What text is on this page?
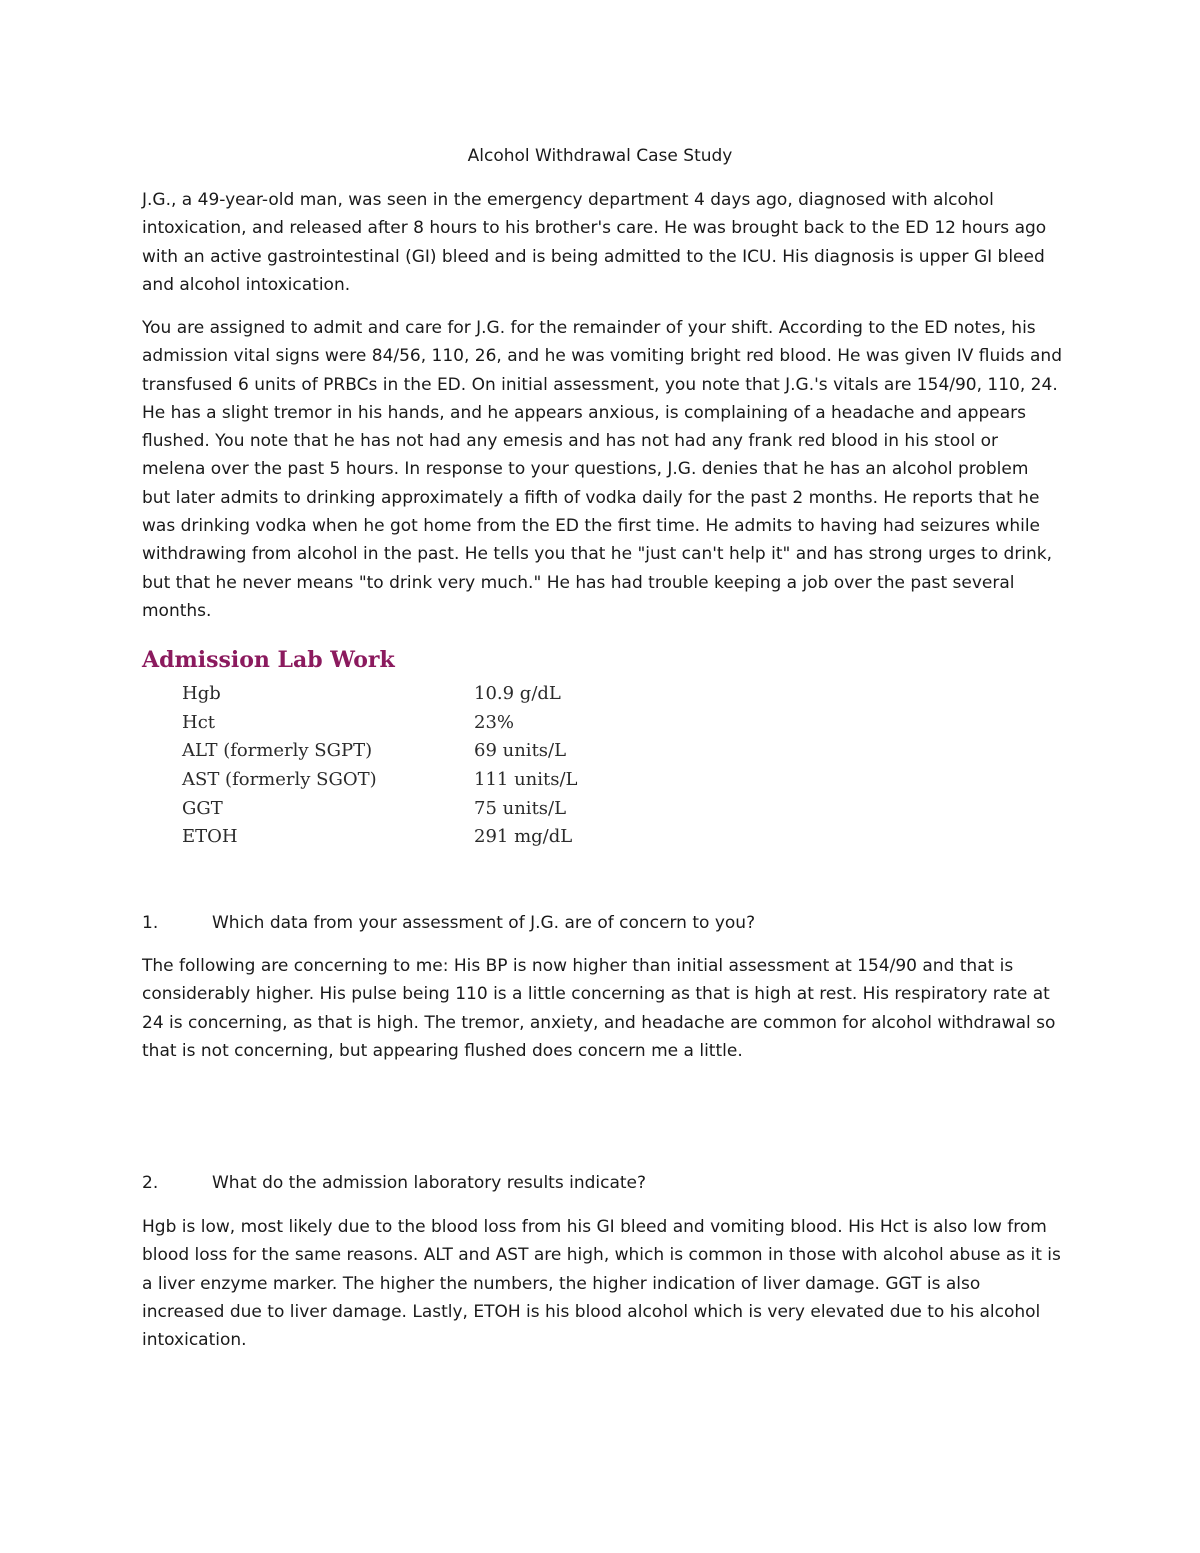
Alcohol Withdrawal Case Study

J.G., a 49-year-old man, was seen in the emergency department 4 days ago, diagnosed with alcohol intoxication, and released after 8 hours to his brother's care. He was brought back to the ED 12 hours ago with an active gastrointestinal (GI) bleed and is being admitted to the ICU. His diagnosis is upper GI bleed and alcohol intoxication.

You are assigned to admit and care for J.G. for the remainder of your shift. According to the ED notes, his admission vital signs were 84/56, 110, 26, and he was vomiting bright red blood. He was given IV fluids and transfused 6 units of PRBCs in the ED. On initial assessment, you note that J.G.'s vitals are 154/90, 110, 24. He has a slight tremor in his hands, and he appears anxious, is complaining of a headache and appears flushed. You note that he has not had any emesis and has not had any frank red blood in his stool or melena over the past 5 hours. In response to your questions, J.G. denies that he has an alcohol problem but later admits to drinking approximately a fifth of vodka daily for the past 2 months. He reports that he was drinking vodka when he got home from the ED the first time. He admits to having had seizures while withdrawing from alcohol in the past. He tells you that he "just can't help it" and has strong urges to drink, but that he never means "to drink very much." He has had trouble keeping a job over the past several months.

Admission Lab Work
Hgb	10.9 g/dL
Hct	23%
ALT (formerly SGPT)	69 units/L
AST (formerly SGOT)	111 units/L
GGT	75 units/L
ETOH	291 mg/dL
1.	Which data from your assessment of J.G. are of concern to you?

The following are concerning to me: His BP is now higher than initial assessment at 154/90 and that is considerably higher. His pulse being 110 is a little concerning as that is high at rest. His respiratory rate at 24 is concerning, as that is high. The tremor, anxiety, and headache are common for alcohol withdrawal so that is not concerning, but appearing flushed does concern me a little.

2.	What do the admission laboratory results indicate?

Hgb is low, most likely due to the blood loss from his GI bleed and vomiting blood. His Hct is also low from blood loss for the same reasons. ALT and AST are high, which is common in those with alcohol abuse as it is a liver enzyme marker. The higher the numbers, the higher indication of liver damage. GGT is also increased due to liver damage. Lastly, ETOH is his blood alcohol which is very elevated due to his alcohol intoxication.
